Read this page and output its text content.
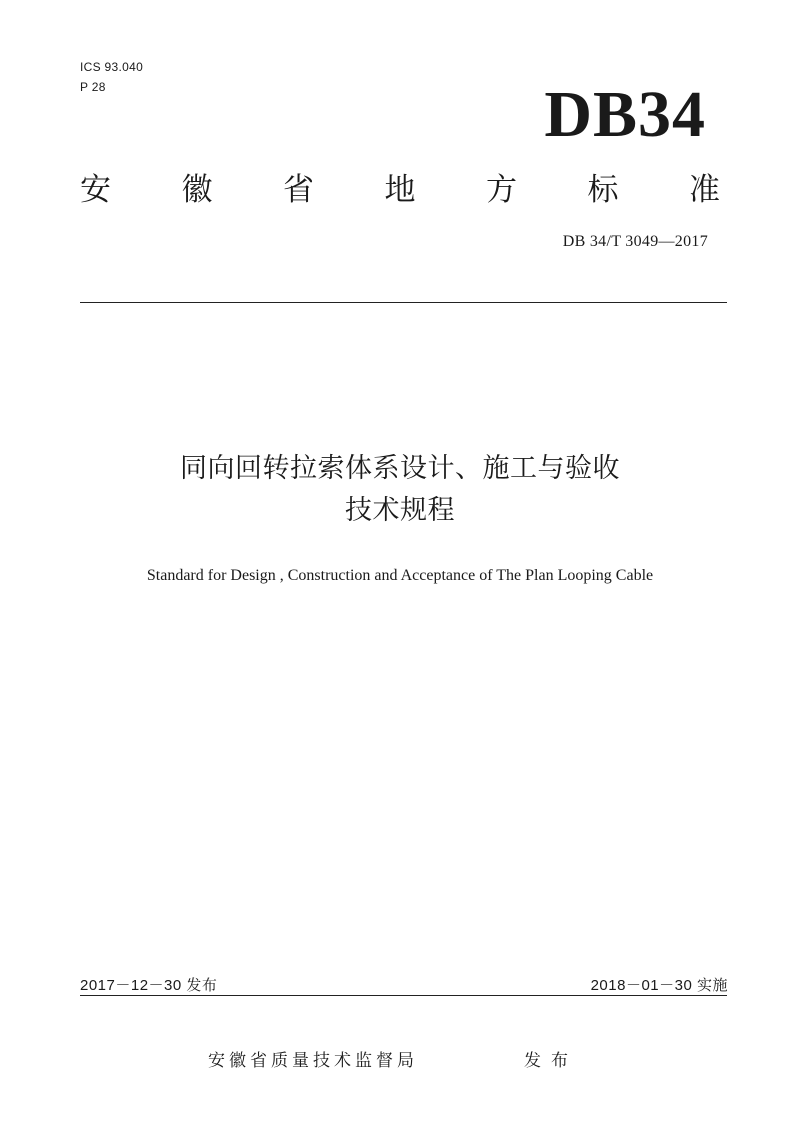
ICS 93.040
P 28	DB34
安 徽 省 地 方 标 准
DB 34/T 3049—2017
同向回转拉索体系设计、施工与验收
技术规程
Standard for Design , Construction and Acceptance of The Plan Looping Cable
2017－12－30 发布	2018－01－30 实施
安徽省质量技术监督局	发布
